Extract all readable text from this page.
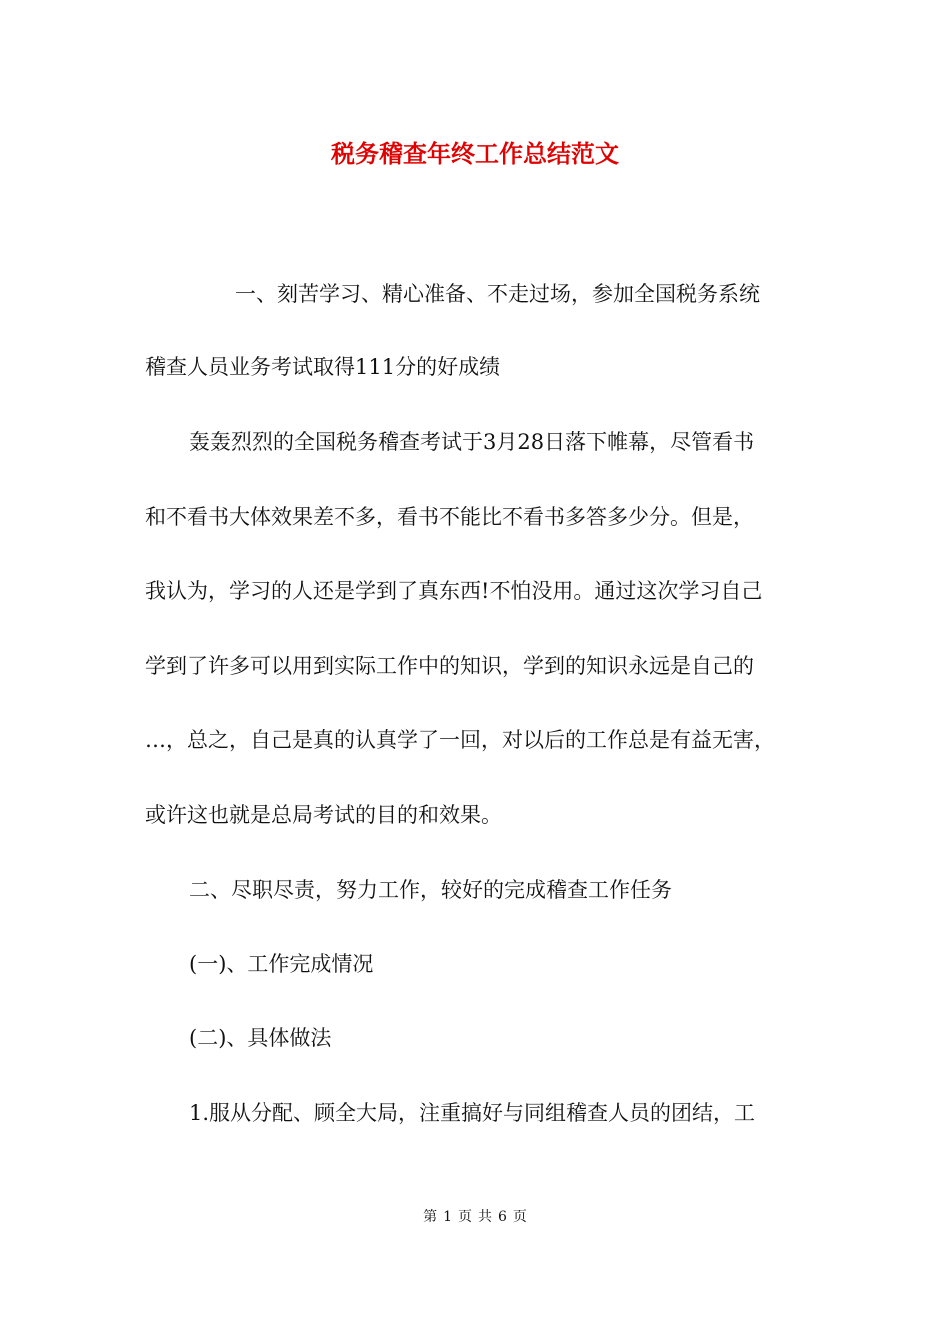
税务稽查年终工作总结范文

一、刻苦学习、精心准备、不走过场，参加全国税务系统

稽查人员业务考试取得111分的好成绩

轰轰烈烈的全国税务稽查考试于3月28日落下帷幕，尽管看书

和不看书大体效果差不多，看书不能比不看书多答多少分。但是，

我认为，学习的人还是学到了真东西!不怕没用。通过这次学习自己

学到了许多可以用到实际工作中的知识，学到的知识永远是自己的

…，总之，自己是真的认真学了一回，对以后的工作总是有益无害，

或许这也就是总局考试的目的和效果。

二、尽职尽责，努力工作，较好的完成稽查工作任务

(一)、工作完成情况

(二)、具体做法

1.服从分配、顾全大局，注重搞好与同组稽查人员的团结，工

第 1 页 共 6 页
